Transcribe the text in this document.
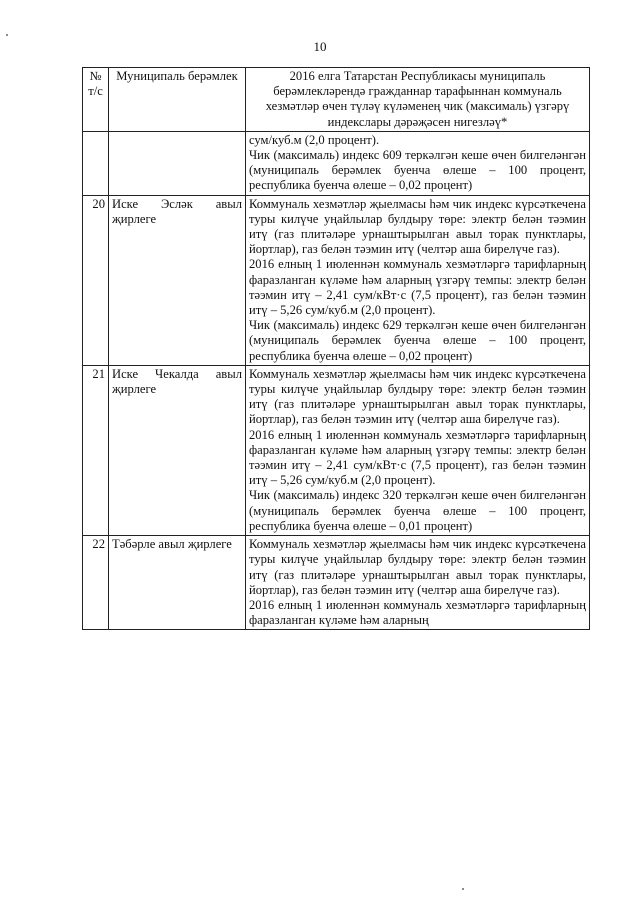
10
№ т/с	Муниципаль берәмлек	2016 елга Татарстан Республикасы муниципаль берәмлекләрендә гражданнар тарафыннан коммуналь хезмәтләр өчен түләү күләменең чик (максималь) үзгәрү индекслары дәрәҗәсен нигезләү*

		сум/куб.м (2,0 процент).

Чик (максималь) индекс 609 теркәлгән кеше өчен билгеләнгән (муниципаль берәмлек буенча өлеше – 100 процент, республика буенча өлеше – 0,02 процент)

20	Иске Эсләк авыл җирлеге	Коммуналь хезмәтләр җыелмасы һәм чик индекс күрсәткечена туры килүче уңайлылар булдыру төре: электр белән тәэмин итү (газ плитәләре урнаштырылган авыл торак пунктлары, йортлар), газ белән тәэмин итү (челтәр аша бирелүче газ).

2016 елның 1 июленнән коммуналь хезмәтләргә тарифларның фаразланган күләме һәм аларның үзгәрү темпы: электр белән тәэмин итү – 2,41 сум/кВт·с (7,5 процент), газ белән тәэмин итү – 5,26 сум/куб.м (2,0 процент).

Чик (максималь) индекс 629 теркәлгән кеше өчен билгеләнгән (муниципаль берәмлек буенча өлеше – 100 процент, республика буенча өлеше – 0,02 процент)

21	Иске Чекалда авыл җирлеге	Коммуналь хезмәтләр җыелмасы һәм чик индекс күрсәткечена туры килүче уңайлылар булдыру төре: электр белән тәэмин итү (газ плитәләре урнаштырылган авыл торак пунктлары, йортлар), газ белән тәэмин итү (челтәр аша бирелүче газ).

2016 елның 1 июленнән коммуналь хезмәтләргә тарифларның фаразланган күләме һәм аларның үзгәрү темпы: электр белән тәэмин итү – 2,41 сум/кВт·с (7,5 процент), газ белән тәэмин итү – 5,26 сум/куб.м (2,0 процент).

Чик (максималь) индекс 320 теркәлгән кеше өчен билгеләнгән (муниципаль берәмлек буенча өлеше – 100 процент, республика буенча өлеше – 0,01 процент)

22	Тәбәрле авыл җирлеге	Коммуналь хезмәтләр җыелмасы һәм чик индекс күрсәткечена туры килүче уңайлылар булдыру төре: электр белән тәэмин итү (газ плитәләре урнаштырылган авыл торак пунктлары, йортлар), газ белән тәэмин итү (челтәр аша бирелүче газ).

2016 елның 1 июленнән коммуналь хезмәтләргә тарифларның фаразланган күләме һәм аларның
